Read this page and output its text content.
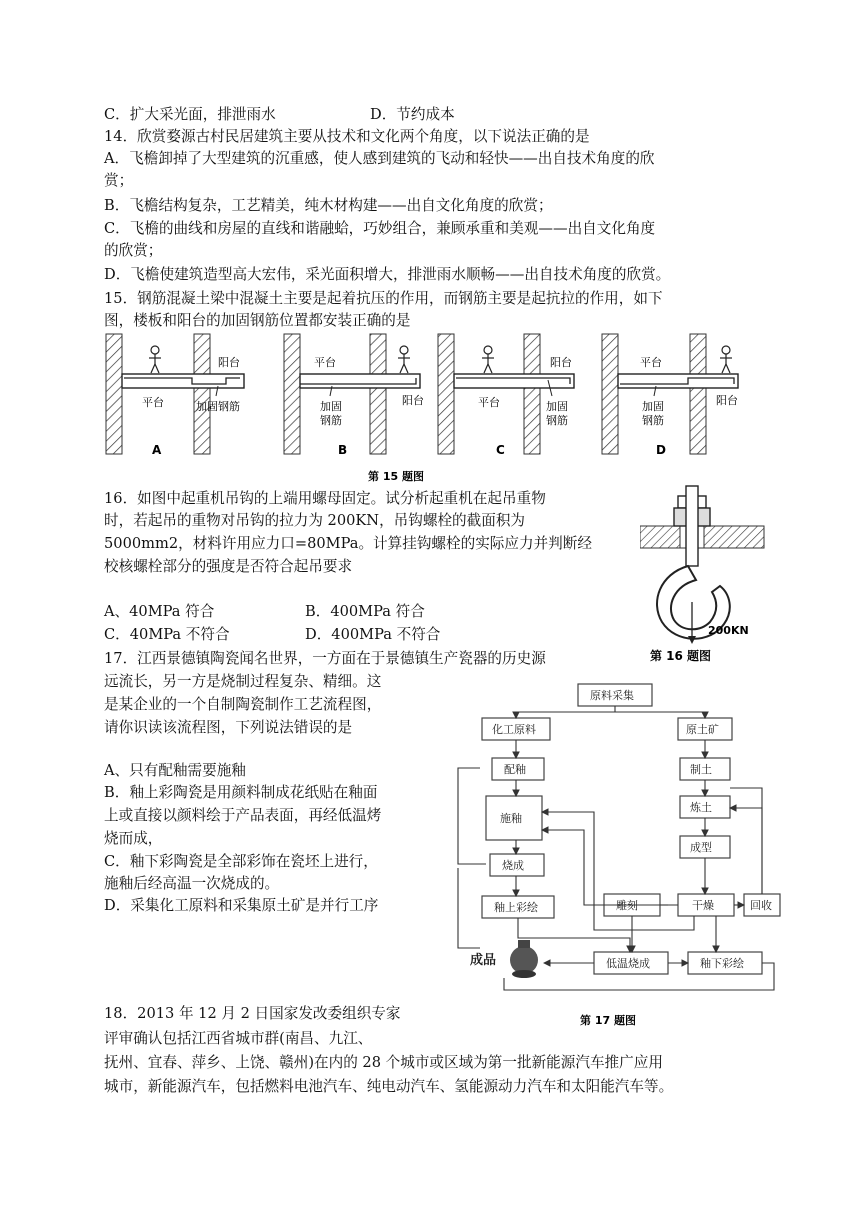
C．扩大采光面，排泄雨水	D．节约成本
14．欣赏婺源古村民居建筑主要从技术和文化两个角度，以下说法正确的是
A．飞檐卸掉了大型建筑的沉重感，使人感到建筑的飞动和轻快——出自技术角度的欣
赏；
B．飞檐结构复杂，工艺精美，纯木材构建——出自文化角度的欣赏；
C．飞檐的曲线和房屋的直线和谐融蛤，巧妙组合，兼顾承重和美观——出自文化角度
的欣赏；
D．飞檐使建筑造型高大宏伟，采光面积增大，排泄雨水顺畅——出自技术角度的欣赏。
15．钢筋混凝土梁中混凝土主要是起着抗压的作用，而钢筋主要是起抗拉的作用，如下
图，楼板和阳台的加固钢筋位置都安装正确的是
阳台
平台	加固钢筋
A
平台
阳台
加固
钢筋
B
阳台
平台	加固
钢筋
C
平台
阳台
加固
钢筋
D
第 15 题图
16．如图中起重机吊钩的上端用螺母固定。试分析起重机在起吊重物
时，若起吊的重物对吊钩的拉力为 200KN，吊钩螺栓的截面积为
5000mm2，材料许用应力口=80MPa。计算挂钩螺栓的实际应力并判断经
校核螺栓部分的强度是否符合起吊要求
A、40MPa 符合	B．400MPa 符合
C．40MPa 不符合	D．400MPa 不符合	200KN
第 16 题图
17．江西景德镇陶瓷闻名世界，一方面在于景德镇生产瓷器的历史源
远流长，另一方是烧制过程复杂、精细。这
是某企业的一个自制陶瓷制作工艺流程图，
请你识读该流程图，下列说法错误的是
A、只有配釉需要施釉
B．釉上彩陶瓷是用颜料制成花纸贴在釉面
上或直接以颜料绘于产品表面，再经低温烤
烧而成，
C．釉下彩陶瓷是全部彩饰在瓷坯上进行，
施釉后经高温一次烧成的。
D．采集化工原料和采集原土矿是并行工序
原料采集
化工原料	原土矿
配釉	制土
施釉
炼土
成型
烧成
雕刻	干燥	回收
釉上彩绘
低温烧成	釉下彩绘
成品
第 17 题图
18．2013 年 12 月 2 日国家发改委组织专家
评审确认包括江西省城市群(南昌、九江、
抚州、宜春、萍乡、上饶、赣州)在内的 28 个城市或区域为第一批新能源汽车推广应用
城市，新能源汽车，包括燃料电池汽车、纯电动汽车、氢能源动力汽车和太阳能汽车等。
